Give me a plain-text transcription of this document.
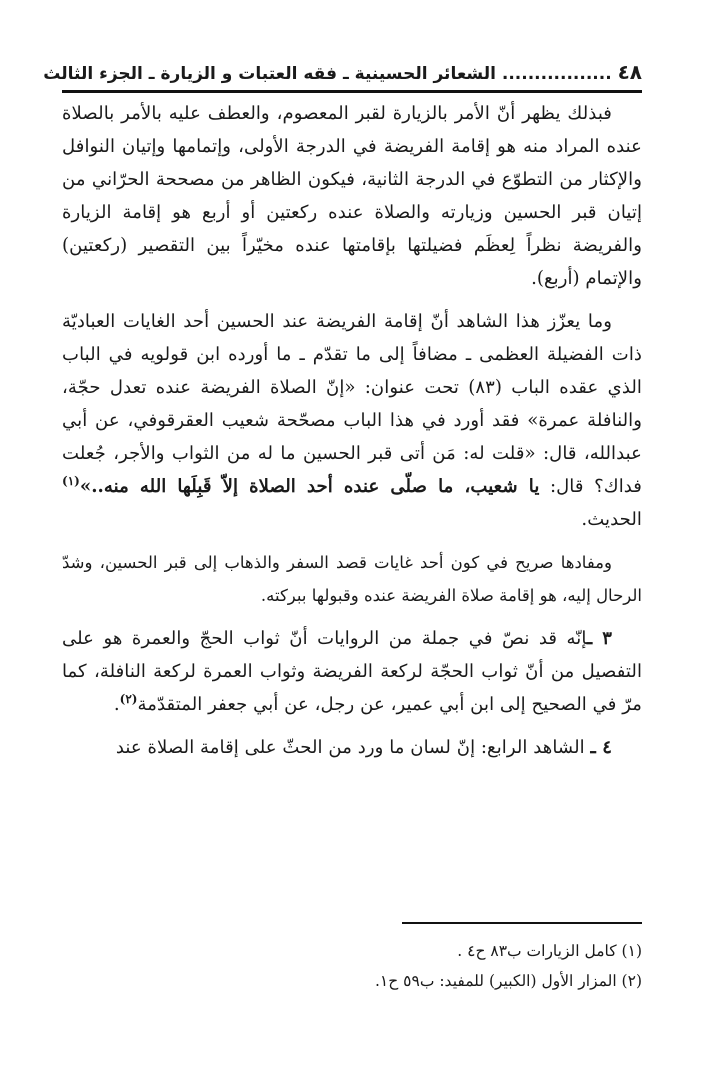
٤٨ ................. الشعائر الحسينية ـ فقه العتبات و الزيارة ـ الجزء الثالث

فبذلك يظهر أنّ الأمر بالزيارة لقبر المعصوم، والعطف عليه بالأمر بالصلاة عنده المراد منه هو إقامة الفريضة في الدرجة الأولى، وإتمامها وإتيان النوافل والإكثار من التطوّع في الدرجة الثانية، فيكون الظاهر من مصححة الحرّاني من إتيان قبر الحسين وزيارته والصلاة عنده ركعتين أو أربع هو إقامة الزيارة والفريضة نظراً لِعظَم فضيلتها بإقامتها عنده مخيّراً بين التقصير (ركعتين) والإتمام (أربع).

وما يعزّز هذا الشاهد أنّ إقامة الفريضة عند الحسين أحد الغايات العباديّة ذات الفضيلة العظمى ـ مضافاً إلى ما تقدّم ـ ما أورده ابن قولويه في الباب الذي عقده الباب (٨٣) تحت عنوان: «إنّ الصلاة الفريضة عنده تعدل حجّة، والنافلة عمرة» فقد أورد في هذا الباب مصحّحة شعيب العقرقوفي، عن أبي عبدالله، قال: «قلت له: مَن أتى قبر الحسين ما له من الثواب والأجر، جُعلت فداك؟ قال: يا شعيب، ما صلّى عنده أحد الصلاة إلاّ قَبِلَها الله منه..»$^{(١)}$ الحديث.

ومفادها صريح في كون أحد غايات قصد السفر والذهاب إلى قبر الحسين، وشدّ الرحال إليه، هو إقامة صلاة الفريضة عنده وقبولها ببركته.

٣ ـإنّه قد نصّ في جملة من الروايات أنّ ثواب الحجّ والعمرة هو على التفصيل من أنّ ثواب الحجّة لركعة الفريضة وثواب العمرة لركعة النافلة، كما مرّ في الصحيح إلى ابن أبي عمير، عن رجل، عن أبي جعفر المتقدّمة$^{(٢)}$.

٤ ـ الشاهد الرابع: إنّ لسان ما ورد من الحثّ على إقامة الصلاة عند

(١) كامل الزيارات ب٨٣ ح٤ .
(٢) المزار الأول (الكبير) للمفيد: ب٥٩ ح١.
